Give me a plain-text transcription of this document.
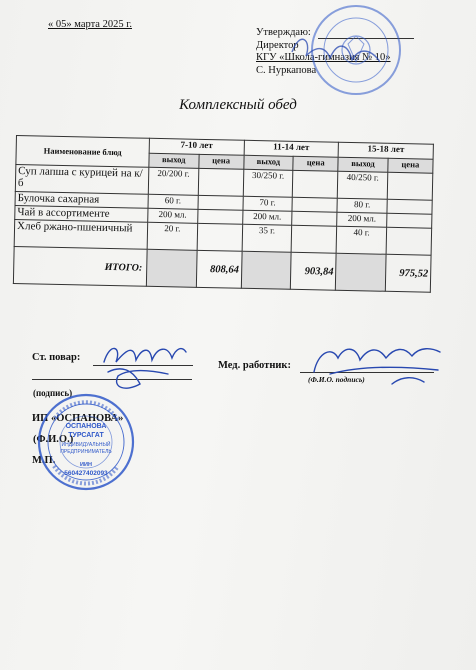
« 05» марта 2025 г.
Утверждаю:
Директор
КГУ «Школа-гимназия № 10»
С. Нуркапова
Комплексный обед
Наименование блюд	7-10 лет		11-14 лет		15-18 лет	
	выход	цена	выход	цена	выход	цена
Суп лапша с курицей на к/б	20/200 г.		30/250 г.		40/250 г.	
Булочка сахарная	60 г.		70 г.		80 г.	
Чай в ассортименте	200 мл.		200 мл.		200 мл.	
Хлеб ржано-пшеничный	20 г.		35 г.		40 г.	
ИТОГО:		808,64		903,84		975,52
Ст. повар:
(подпись)
Мед. работник:
(Ф.И.О. подпись)
ИП «ОСПАНОВА»
(Ф.И.О.)
М.П.
ОСПАНОВА
ТУРСАГАТ
ИНДИВИДУАЛЬНЫЙ
ПРЕДПРИНИМАТЕЛЬ
ИИН
560427402093
